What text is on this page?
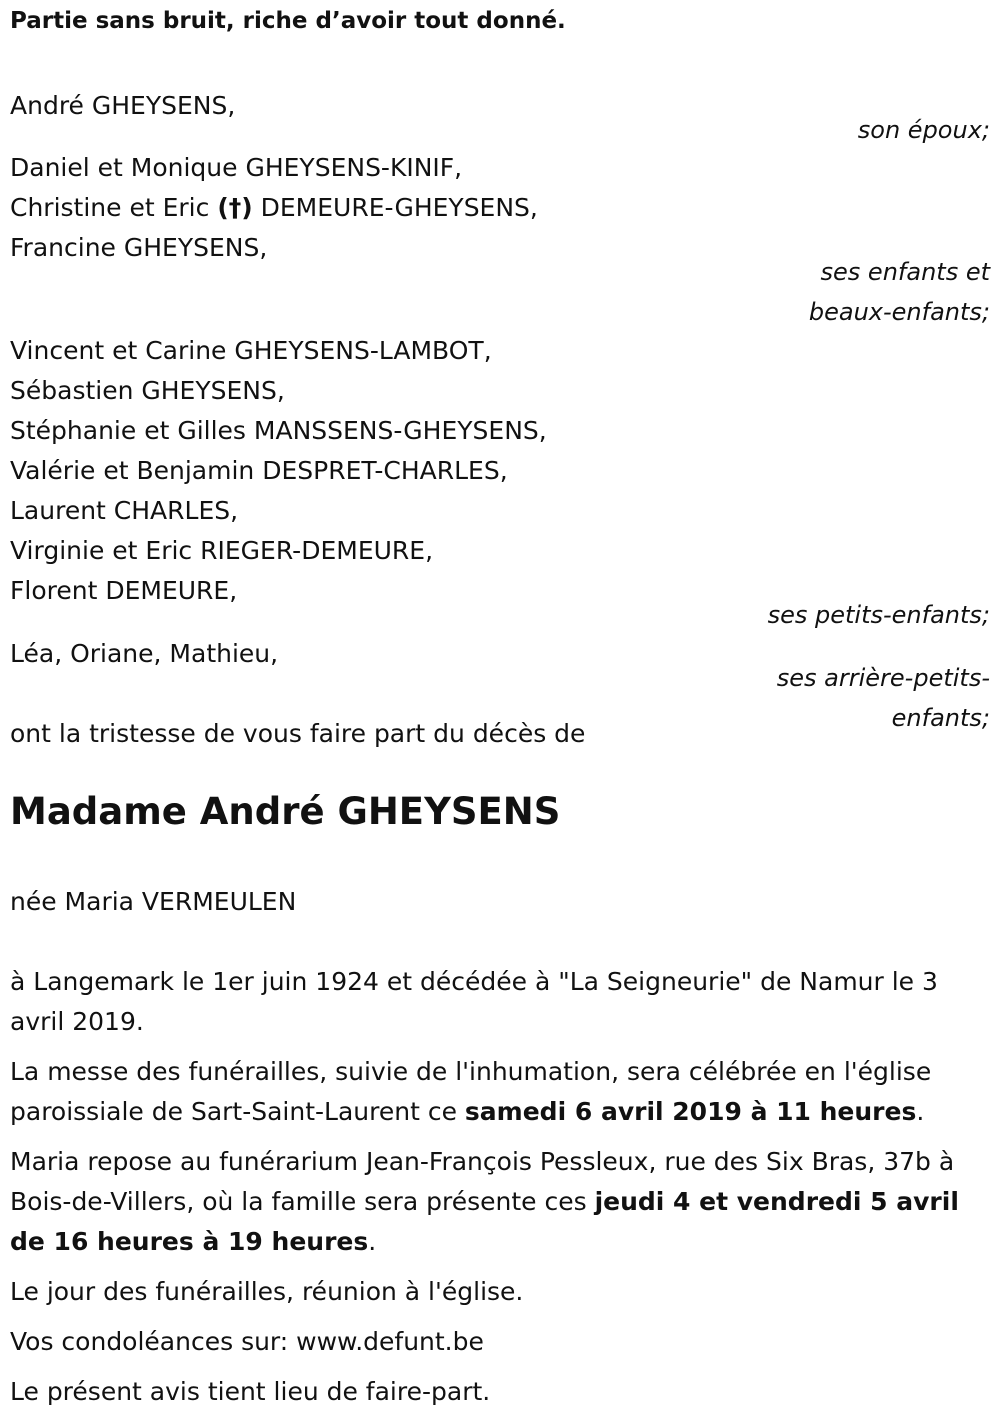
Partie sans bruit, riche d’avoir tout donné.
André GHEYSENS,
son époux;
Daniel et Monique GHEYSENS-KINIF,
Christine et Eric (†) DEMEURE-GHEYSENS,
Francine GHEYSENS,
ses enfants et
beaux-enfants;
Vincent et Carine GHEYSENS-LAMBOT,
Sébastien GHEYSENS,
Stéphanie et Gilles MANSSENS-GHEYSENS,
Valérie et Benjamin DESPRET-CHARLES,
Laurent CHARLES,
Virginie et Eric RIEGER-DEMEURE,
Florent DEMEURE,
ses petits-enfants;
Léa, Oriane, Mathieu,
ses arrière-petits-
enfants;
ont la tristesse de vous faire part du décès de
Madame André GHEYSENS
née Maria VERMEULEN

à Langemark le 1er juin 1924 et décédée à "La Seigneurie" de Namur le 3 avril 2019.

La messe des funérailles, suivie de l'inhumation, sera célébrée en l'église paroissiale de Sart-Saint-Laurent ce samedi 6 avril 2019 à 11 heures.

Maria repose au funérarium Jean-François Pessleux, rue des Six Bras, 37b à Bois-de-Villers, où la famille sera présente ces jeudi 4 et vendredi 5 avril de 16 heures à 19 heures.

Le jour des funérailles, réunion à l'église.

Vos condoléances sur: www.defunt.be

Le présent avis tient lieu de faire-part.
